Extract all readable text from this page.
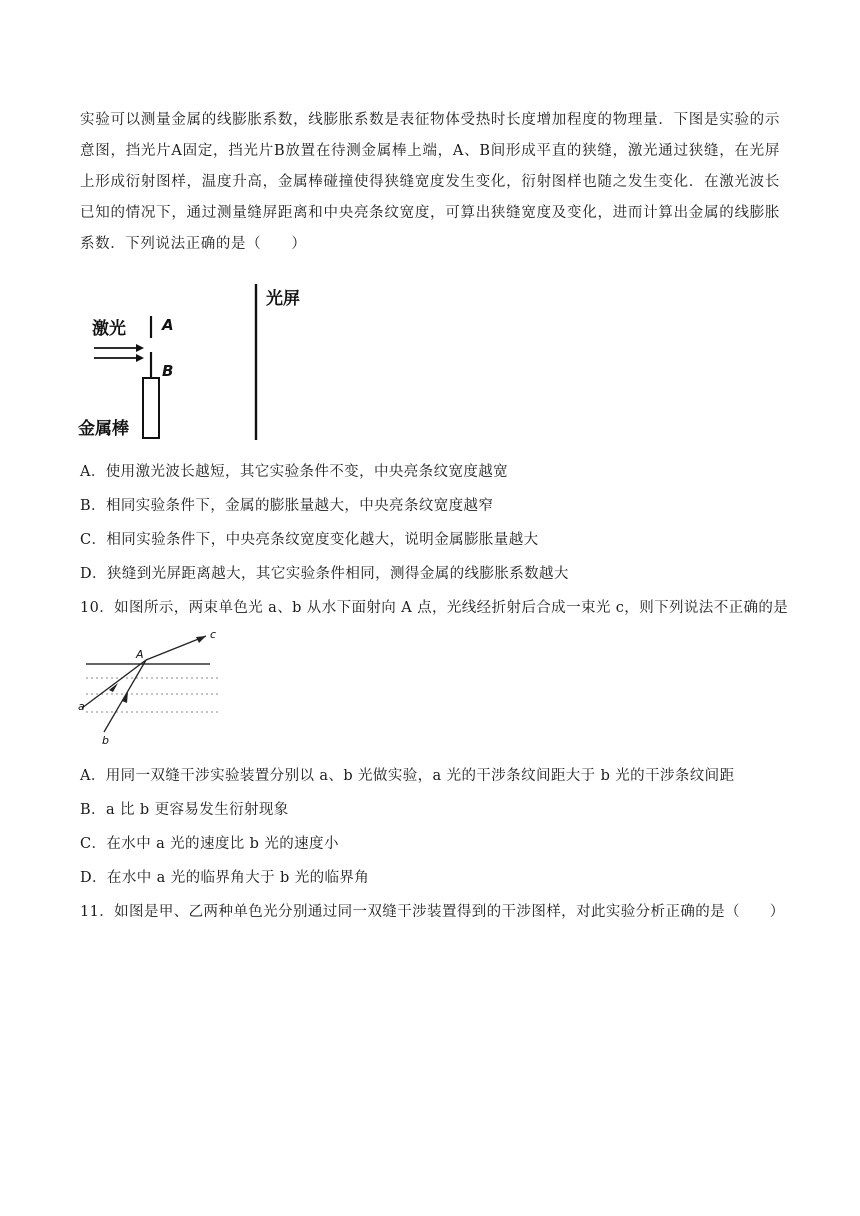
实验可以测量金属的线膨胀系数，线膨胀系数是表征物体受热时长度增加程度的物理量．下图是实验的示意图，挡光片A固定，挡光片B放置在待测金属棒上端，A、B间形成平直的狭缝，激光通过狭缝，在光屏上形成衍射图样，温度升高，金属棒碰撞使得狭缝宽度发生变化，衍射图样也随之发生变化．在激光波长已知的情况下，通过测量缝屏距离和中央亮条纹宽度，可算出狭缝宽度及变化，进而计算出金属的线膨胀系数．下列说法正确的是（　　）
激光 A
B
金属棒
光屏
A．使用激光波长越短，其它实验条件不变，中央亮条纹宽度越宽
B．相同实验条件下，金属的膨胀量越大，中央亮条纹宽度越窄
C．相同实验条件下，中央亮条纹宽度变化越大，说明金属膨胀量越大
D．狭缝到光屏距离越大，其它实验条件相同，测得金属的线膨胀系数越大
10．如图所示，两束单色光 a、b 从水下面射向 A 点，光线经折射后合成一束光 c，则下列说法不正确的是
A
a
b
c
A．用同一双缝干涉实验装置分别以 a、b 光做实验，a 光的干涉条纹间距大于 b 光的干涉条纹间距
B．a 比 b 更容易发生衍射现象
C．在水中 a 光的速度比 b 光的速度小
D．在水中 a 光的临界角大于 b 光的临界角
11．如图是甲、乙两种单色光分别通过同一双缝干涉装置得到的干涉图样，对此实验分析正确的是（　　）
